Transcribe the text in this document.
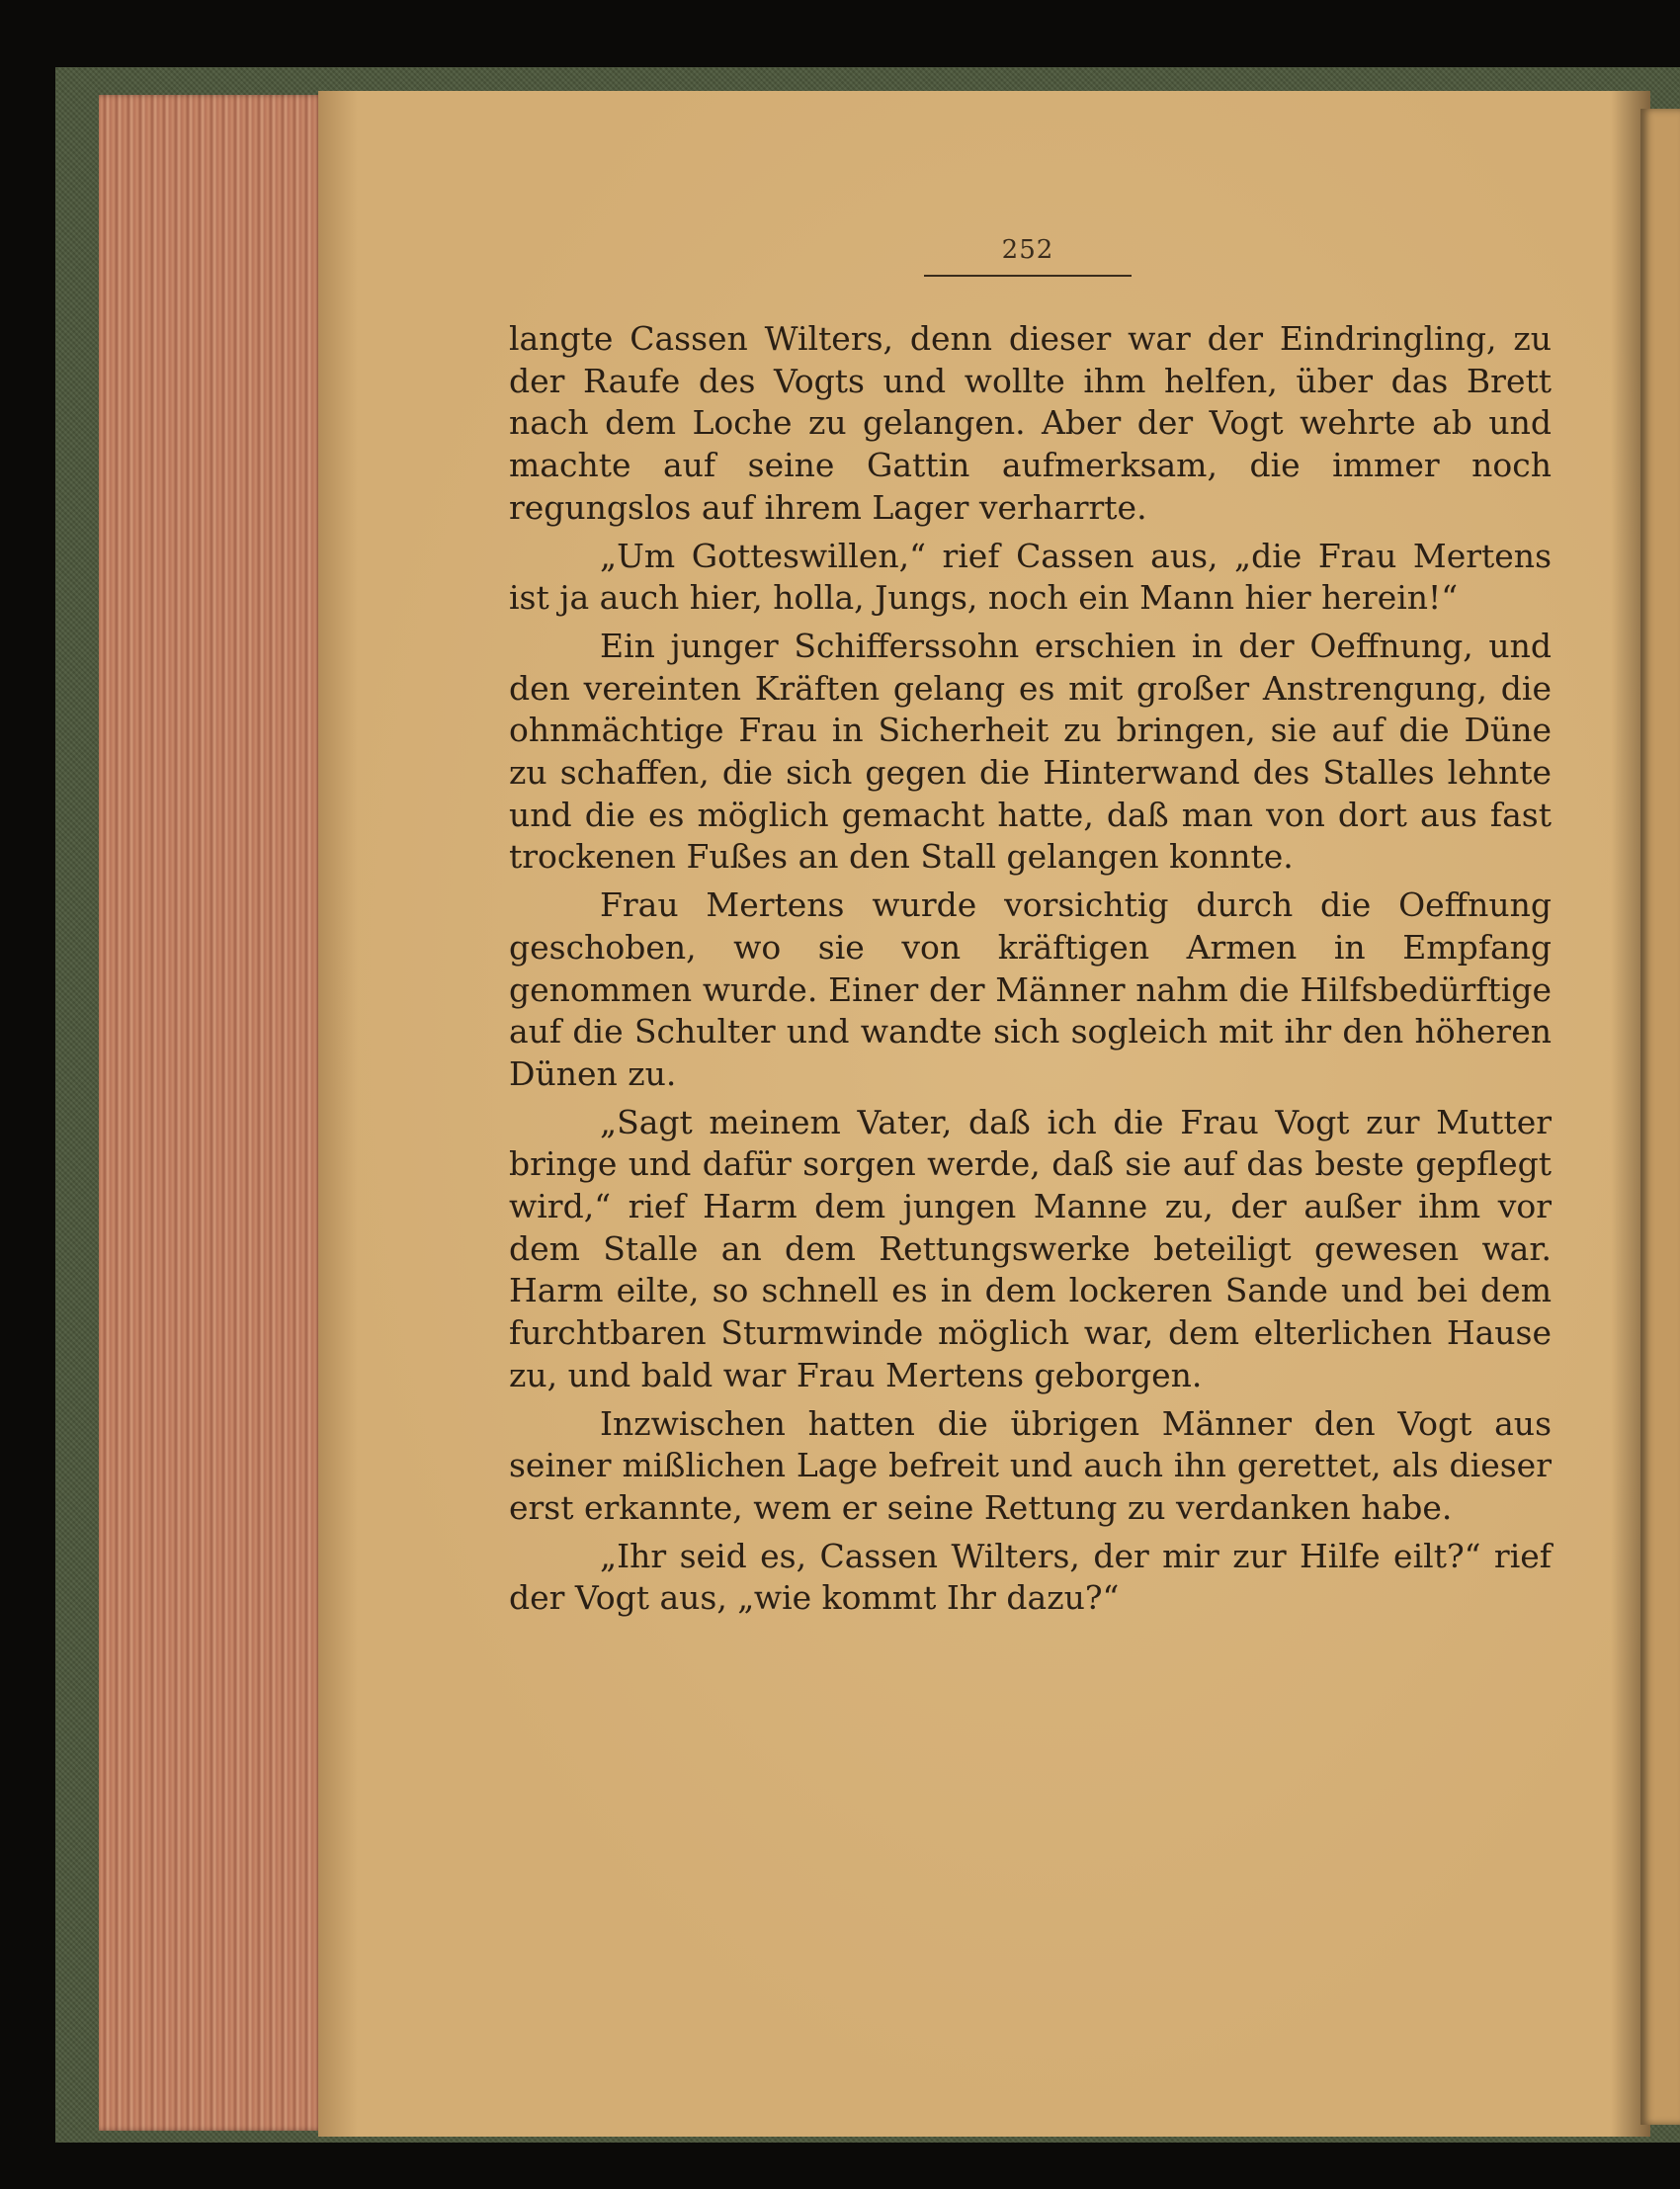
252

langte Cassen Wilters, denn dieser war der Eindringling, zu der Raufe des Vogts und wollte ihm helfen, über das Brett nach dem Loche zu gelangen. Aber der Vogt wehrte ab und machte auf seine Gattin aufmerksam, die immer noch regungslos auf ihrem Lager verharrte.

„Um Gotteswillen,“ rief Cassen aus, „die Frau Mertens ist ja auch hier, holla, Jungs, noch ein Mann hier herein!“

Ein junger Schifferssohn erschien in der Oeffnung, und den vereinten Kräften gelang es mit großer Anstrengung, die ohnmächtige Frau in Sicherheit zu bringen, sie auf die Düne zu schaffen, die sich gegen die Hinterwand des Stalles lehnte und die es möglich gemacht hatte, daß man von dort aus fast trockenen Fußes an den Stall gelangen konnte.

Frau Mertens wurde vorsichtig durch die Oeffnung geschoben, wo sie von kräftigen Armen in Empfang genommen wurde. Einer der Männer nahm die Hilfsbedürftige auf die Schulter und wandte sich sogleich mit ihr den höheren Dünen zu.

„Sagt meinem Vater, daß ich die Frau Vogt zur Mutter bringe und dafür sorgen werde, daß sie auf das beste gepflegt wird,“ rief Harm dem jungen Manne zu, der außer ihm vor dem Stalle an dem Rettungswerke beteiligt gewesen war. Harm eilte, so schnell es in dem lockeren Sande und bei dem furchtbaren Sturmwinde möglich war, dem elterlichen Hause zu, und bald war Frau Mertens geborgen.

Inzwischen hatten die übrigen Männer den Vogt aus seiner mißlichen Lage befreit und auch ihn gerettet, als dieser erst erkannte, wem er seine Rettung zu verdanken habe.

„Ihr seid es, Cassen Wilters, der mir zur Hilfe eilt?“ rief der Vogt aus, „wie kommt Ihr dazu?“
